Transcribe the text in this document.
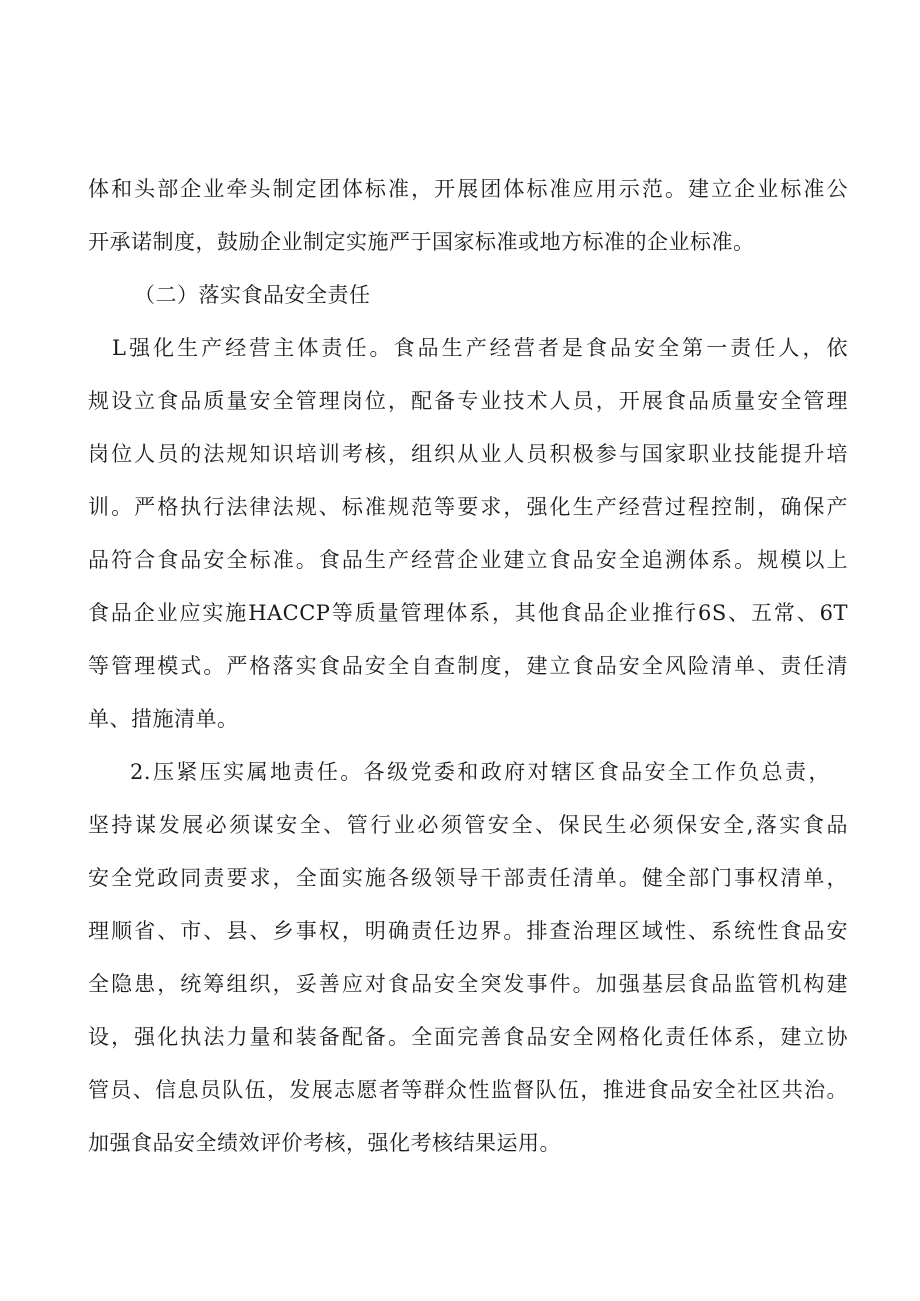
体和头部企业牵头制定团体标准，开展团体标准应用示范。建立企业标准公
开承诺制度，鼓励企业制定实施严于国家标准或地方标准的企业标准。
（二）落实食品安全责任
L强化生产经营主体责任。食品生产经营者是食品安全第一责任人，依
规设立食品质量安全管理岗位，配备专业技术人员，开展食品质量安全管理
岗位人员的法规知识培训考核，组织从业人员积极参与国家职业技能提升培
训。严格执行法律法规、标准规范等要求，强化生产经营过程控制，确保产
品符合食品安全标准。食品生产经营企业建立食品安全追溯体系。规模以上
食品企业应实施HACCP等质量管理体系，其他食品企业推行6S、五常、6T
等管理模式。严格落实食品安全自查制度，建立食品安全风险清单、责任清
单、措施清单。
2.压紧压实属地责任。各级党委和政府对辖区食品安全工作负总责，
坚持谋发展必须谋安全、管行业必须管安全、保民生必须保安全,落实食品
安全党政同责要求，全面实施各级领导干部责任清单。健全部门事权清单，
理顺省、市、县、乡事权，明确责任边界。排查治理区域性、系统性食品安
全隐患，统筹组织，妥善应对食品安全突发事件。加强基层食品监管机构建
设，强化执法力量和装备配备。全面完善食品安全网格化责任体系，建立协
管员、信息员队伍，发展志愿者等群众性监督队伍，推进食品安全社区共治。
加强食品安全绩效评价考核，强化考核结果运用。
